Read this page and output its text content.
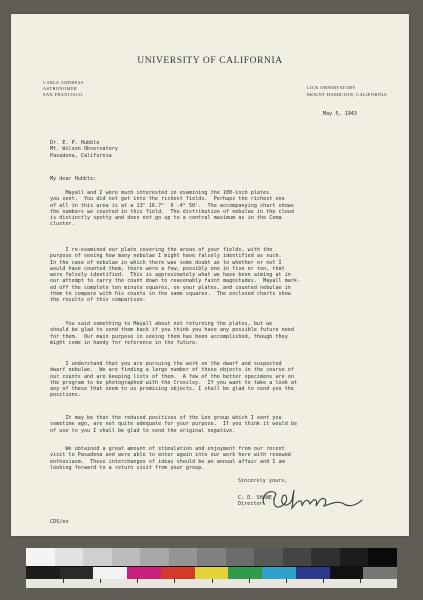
UNIVERSITY OF CALIFORNIA
CABLE ADDRESS
ASTRONOMER
SAN FRANCISCO
LICK OBSERVATORY
MOUNT HAMILTON, CALIFORNIA
May 5, 1943
Dr. E. P. Hubble
Mt. Wilson Observatory
Pasadena, California
My dear Hubble:
Mayall and I were much interested in examining the 100-inch plates
you sent.  You did not get into the richest fields.  Perhaps the richest one
of all in this area is at a 13ʰ 16.7ᵐ  δ -4° 50'.  The accompanying chart shows
the numbers we counted in this field.  The distribution of nebulae in the cloud
is distinctly spotty and does not go up to a central maximum as in the Coma
cluster.
I re-examined our plate covering the areas of your fields, with the
purpose of seeing how many nebulae I might have falsely identified as such.
In the case of nebulae in which there was some doubt as to whether or not I
would have counted them, there were a few, possibly one in five or ten, that
were falsely identified.  This is approximately what we have been aiming at in
our attempt to carry the count down to reasonably faint magnitudes.  Mayall mark-
ed off the complete ten minute squares, on your plates, and counted nebulae in
them to compare with his counts in the same squares.  The enclosed charts show
the results of this comparison.
You said something to Mayall about not returning the plates, but we
should be glad to send them back if you think you have any possible future need
for them.  Our main purpose in seeing them has been accomplished, though they
might come in handy for reference in the future.
I understand that you are pursuing the work on the dwarf and suspected
dwarf nebulae.  We are finding a large number of these objects in the course of
our counts and are keeping lists of them.  A few of the better specimens are on
the program to be photographed with the Crossley.  If you want to take a look at
any of these that seem to us promising objects, I shall be glad to send you the
positions.
It may be that the reduced positives of the Leo group which I sent you
sometime ago, are not quite adequate for your purpose.  If you think it would be
of use to you I shall be glad to send the original negative.
We obtained a great amount of stimulation and enjoyment from our recent
visit to Pasadena and were able to enter again into our work here with renewed
enthusiasm.  These interchanges of ideas should be an annual affair and I am
looking forward to a return visit from your group.
Sincerely yours,
C. D. SHANE,
Director.
CDS/eo
